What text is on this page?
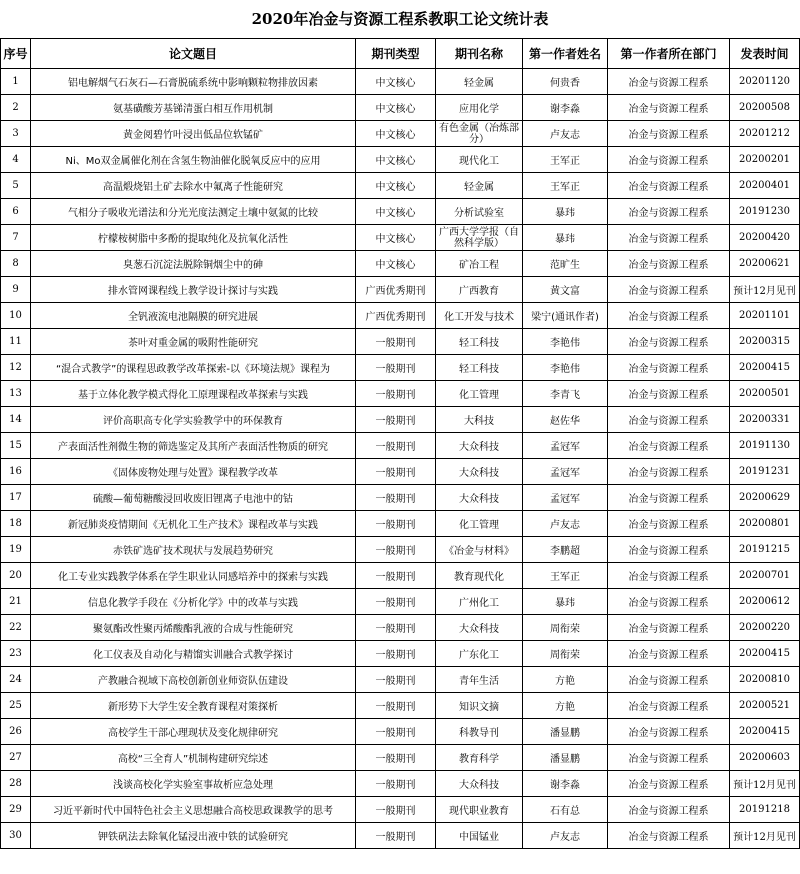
2020年冶金与资源工程系教职工论文统计表
序号	论文题目	期刊类型	期刊名称	第一作者姓名	第一作者所在部门	发表时间
1	铝电解烟气石灰石—石膏脱硫系统中影响颗粒物排放因素	中文核心	轻金属	何贵香	冶金与资源工程系	20201120
2	氨基磺酸芳基锑清蛋白相互作用机制	中文核心	应用化学	谢李淼	冶金与资源工程系	20200508
3	黄金阅碧竹叶浸出低品位软锰矿	中文核心	有色金属（冶炼部分）	卢友志	冶金与资源工程系	20201212
4	Ni、Mo双金属催化剂在含氢生物油催化脱氧反应中的应用	中文核心	现代化工	王军正	冶金与资源工程系	20200201
5	高温煅烧铝土矿去除水中氟离子性能研究	中文核心	轻金属	王军正	冶金与资源工程系	20200401
6	气相分子吸收光谱法和分光光度法测定土壤中氨氮的比较	中文核心	分析试验室	暴玮	冶金与资源工程系	20191230
7	柠檬桉树脂中多酚的提取纯化及抗氧化活性	中文核心	广西大学学报（自然科学版）	暴玮	冶金与资源工程系	20200420
8	臭葱石沉淀法脱除铜烟尘中的砷	中文核心	矿冶工程	范旷生	冶金与资源工程系	20200621
9	排水管网课程线上教学设计探讨与实践	广西优秀期刊	广西教育	黄文富	冶金与资源工程系	预计12月见刊
10	全钒液流电池隔膜的研究进展	广西优秀期刊	化工开发与技术	梁宁(通讯作者)	冶金与资源工程系	20201101
11	茶叶对重金属的吸附性能研究	一般期刊	轻工科技	李艳伟	冶金与资源工程系	20200315
12	“混合式教学”的课程思政教学改革探索-以《环境法规》课程为	一般期刊	轻工科技	李艳伟	冶金与资源工程系	20200415
13	基于立体化教学模式得化工原理课程改革探索与实践	一般期刊	化工管理	李青飞	冶金与资源工程系	20200501
14	评价高职高专化学实验教学中的环保教育	一般期刊	大科技	赵佐华	冶金与资源工程系	20200331
15	产表面活性剂微生物的筛选鉴定及其所产表面活性物质的研究	一般期刊	大众科技	孟冠军	冶金与资源工程系	20191130
16	《固体废物处理与处置》课程教学改革	一般期刊	大众科技	孟冠军	冶金与资源工程系	20191231
17	硫酸—葡萄糖酸浸回收废旧锂离子电池中的钴	一般期刊	大众科技	孟冠军	冶金与资源工程系	20200629
18	新冠肺炎疫情期间《无机化工生产技术》课程改革与实践	一般期刊	化工管理	卢友志	冶金与资源工程系	20200801
19	赤铁矿选矿技术现状与发展趋势研究	一般期刊	《冶金与材料》	李鹏超	冶金与资源工程系	20191215
20	化工专业实践教学体系在学生职业认同感培养中的探索与实践	一般期刊	教育现代化	王军正	冶金与资源工程系	20200701
21	信息化教学手段在《分析化学》中的改革与实践	一般期刊	广州化工	暴玮	冶金与资源工程系	20200612
22	聚氨酯改性聚丙烯酸酯乳液的合成与性能研究	一般期刊	大众科技	周衔荣	冶金与资源工程系	20200220
23	化工仪表及自动化与精馏实训融合式教学探讨	一般期刊	广东化工	周衔荣	冶金与资源工程系	20200415
24	产教融合视域下高校创新创业师资队伍建设	一般期刊	青年生活	方艳	冶金与资源工程系	20200810
25	新形势下大学生安全教育课程对策探析	一般期刊	知识文摘	方艳	冶金与资源工程系	20200521
26	高校学生干部心理现状及变化规律研究	一般期刊	科教导刊	潘显鹏	冶金与资源工程系	20200415
27	高校“三全育人”机制构建研究综述	一般期刊	教育科学	潘显鹏	冶金与资源工程系	20200603
28	浅谈高校化学实验室事故析应急处理	一般期刊	大众科技	谢李淼	冶金与资源工程系	预计12月见刊
29	习近平新时代中国特色社会主义思想融合高校思政课教学的思考	一般期刊	现代职业教育	石有总	冶金与资源工程系	20191218
30	钾铁矾法去除氧化锰浸出液中铁的试验研究	一般期刊	中国锰业	卢友志	冶金与资源工程系	预计12月见刊
